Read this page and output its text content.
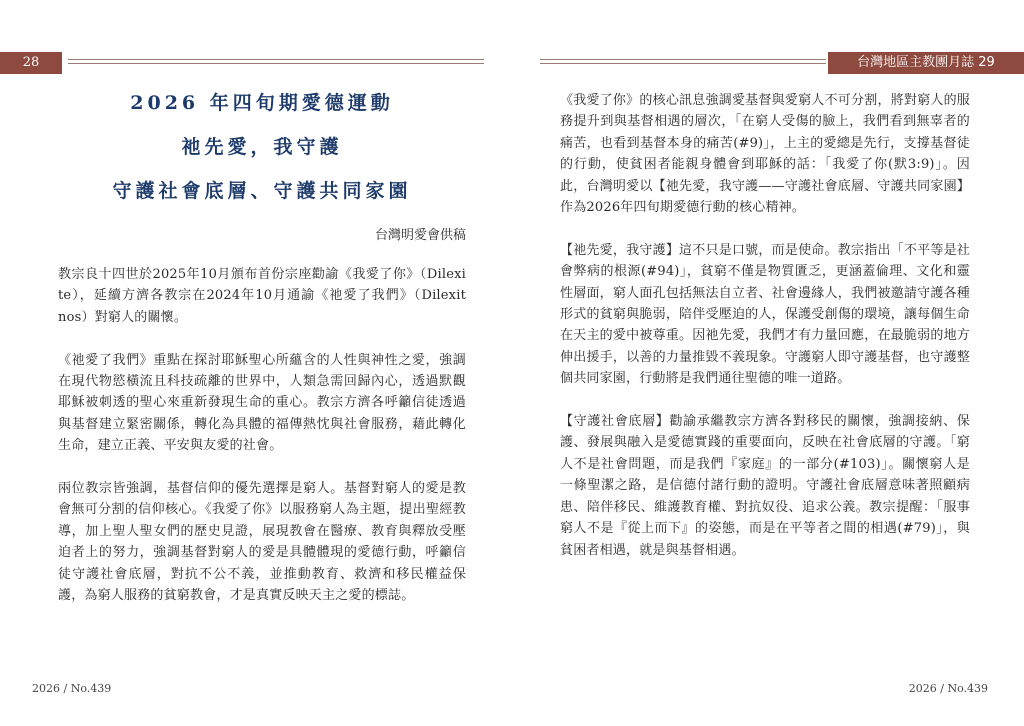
28	台灣地區主教團月誌 29
2026 年四旬期愛德運動
祂先愛，我守護
守護社會底層、守護共同家園
台灣明愛會供稿

教宗良十四世於2025年10月頒布首份宗座勸諭《我愛了你》（Dilexi te），延續方濟各教宗在2024年10月通諭《祂愛了我們》（Dilexit nos）對窮人的關懷。

《祂愛了我們》重點在探討耶穌聖心所蘊含的人性與神性之愛，強調在現代物慾橫流且科技疏離的世界中，人類急需回歸內心，透過默觀耶穌被刺透的聖心來重新發現生命的重心。教宗方濟各呼籲信徒透過與基督建立緊密關係，轉化為具體的福傳熱忱與社會服務，藉此轉化生命，建立正義、平安與友愛的社會。

兩位教宗皆強調，基督信仰的優先選擇是窮人。基督對窮人的愛是教會無可分割的信仰核心。《我愛了你》以服務窮人為主題，提出聖經教導，加上聖人聖女們的歷史見證，展現教會在醫療、教育與釋放受壓迫者上的努力，強調基督對窮人的愛是具體體現的愛德行動，呼籲信徒守護社會底層，對抗不公不義，並推動教育、救濟和移民權益保護，為窮人服務的貧窮教會，才是真實反映天主之愛的標誌。

《我愛了你》的核心訊息強調愛基督與愛窮人不可分割，將對窮人的服務提升到與基督相遇的層次，「在窮人受傷的臉上，我們看到無辜者的痛苦，也看到基督本身的痛苦(#9)」，上主的愛總是先行，支撐基督徒的行動，使貧困者能親身體會到耶穌的話：「我愛了你(默3:9)」。因此，台灣明愛以【祂先愛，我守護——守護社會底層、守護共同家園】作為2026年四旬期愛德行動的核心精神。

【祂先愛，我守護】這不只是口號，而是使命。教宗指出「不平等是社會弊病的根源(#94)」，貧窮不僅是物質匱乏，更涵蓋倫理、文化和靈性層面，窮人面孔包括無法自立者、社會邊緣人，我們被邀請守護各種形式的貧窮與脆弱，陪伴受壓迫的人，保護受創傷的環境，讓每個生命在天主的愛中被尊重。因祂先愛，我們才有力量回應，在最脆弱的地方伸出援手，以善的力量推毀不義現象。守護窮人即守護基督，也守護整個共同家園，行動將是我們通往聖德的唯一道路。

【守護社會底層】勸諭承繼教宗方濟各對移民的關懷，強調接納、保護、發展與融入是愛德實踐的重要面向，反映在社會底層的守護。「窮人不是社會問題，而是我們『家庭』的一部分(#103)」。關懷窮人是一條聖潔之路，是信德付諸行動的證明。守護社會底層意味著照顧病患、陪伴移民、維護教育權、對抗奴役、追求公義。教宗提醒：「服事窮人不是『從上而下』的姿態，而是在平等者之間的相遇(#79)」，與貧困者相遇，就是與基督相遇。

2026 / No.439	2026 / No.439
